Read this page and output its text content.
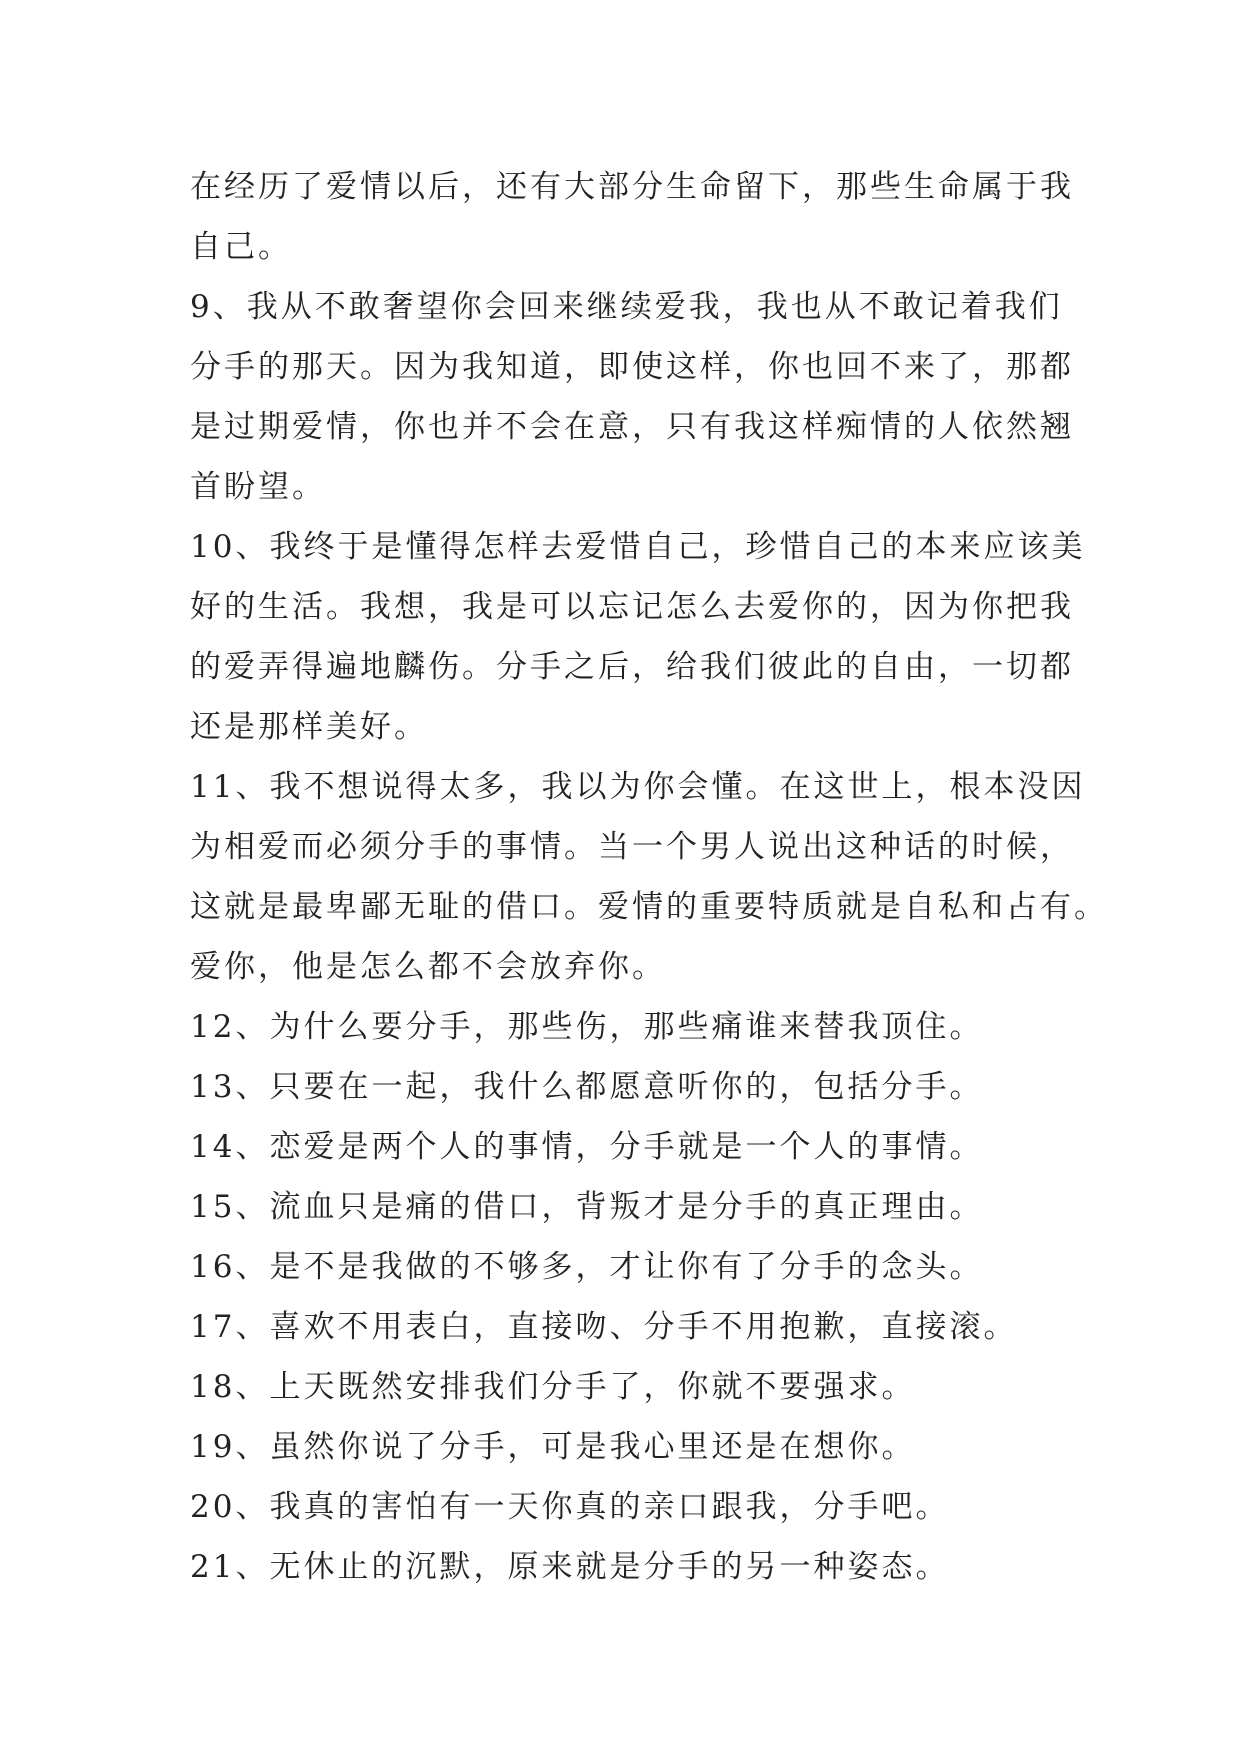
在经历了爱情以后，还有大部分生命留下，那些生命属于我
自己。
9、我从不敢奢望你会回来继续爱我，我也从不敢记着我们
分手的那天。因为我知道，即使这样，你也回不来了，那都
是过期爱情，你也并不会在意，只有我这样痴情的人依然翘
首盼望。
10、我终于是懂得怎样去爱惜自己，珍惜自己的本来应该美
好的生活。我想，我是可以忘记怎么去爱你的，因为你把我
的爱弄得遍地麟伤。分手之后，给我们彼此的自由，一切都
还是那样美好。
11、我不想说得太多，我以为你会懂。在这世上，根本没因
为相爱而必须分手的事情。当一个男人说出这种话的时候，
这就是最卑鄙无耻的借口。爱情的重要特质就是自私和占有。
爱你，他是怎么都不会放弃你。
12、为什么要分手，那些伤，那些痛谁来替我顶住。
13、只要在一起，我什么都愿意听你的，包括分手。
14、恋爱是两个人的事情，分手就是一个人的事情。
15、流血只是痛的借口，背叛才是分手的真正理由。
16、是不是我做的不够多，才让你有了分手的念头。
17、喜欢不用表白，直接吻、分手不用抱歉，直接滚。
18、上天既然安排我们分手了，你就不要强求。
19、虽然你说了分手，可是我心里还是在想你。
20、我真的害怕有一天你真的亲口跟我，分手吧。
21、无休止的沉默，原来就是分手的另一种姿态。
